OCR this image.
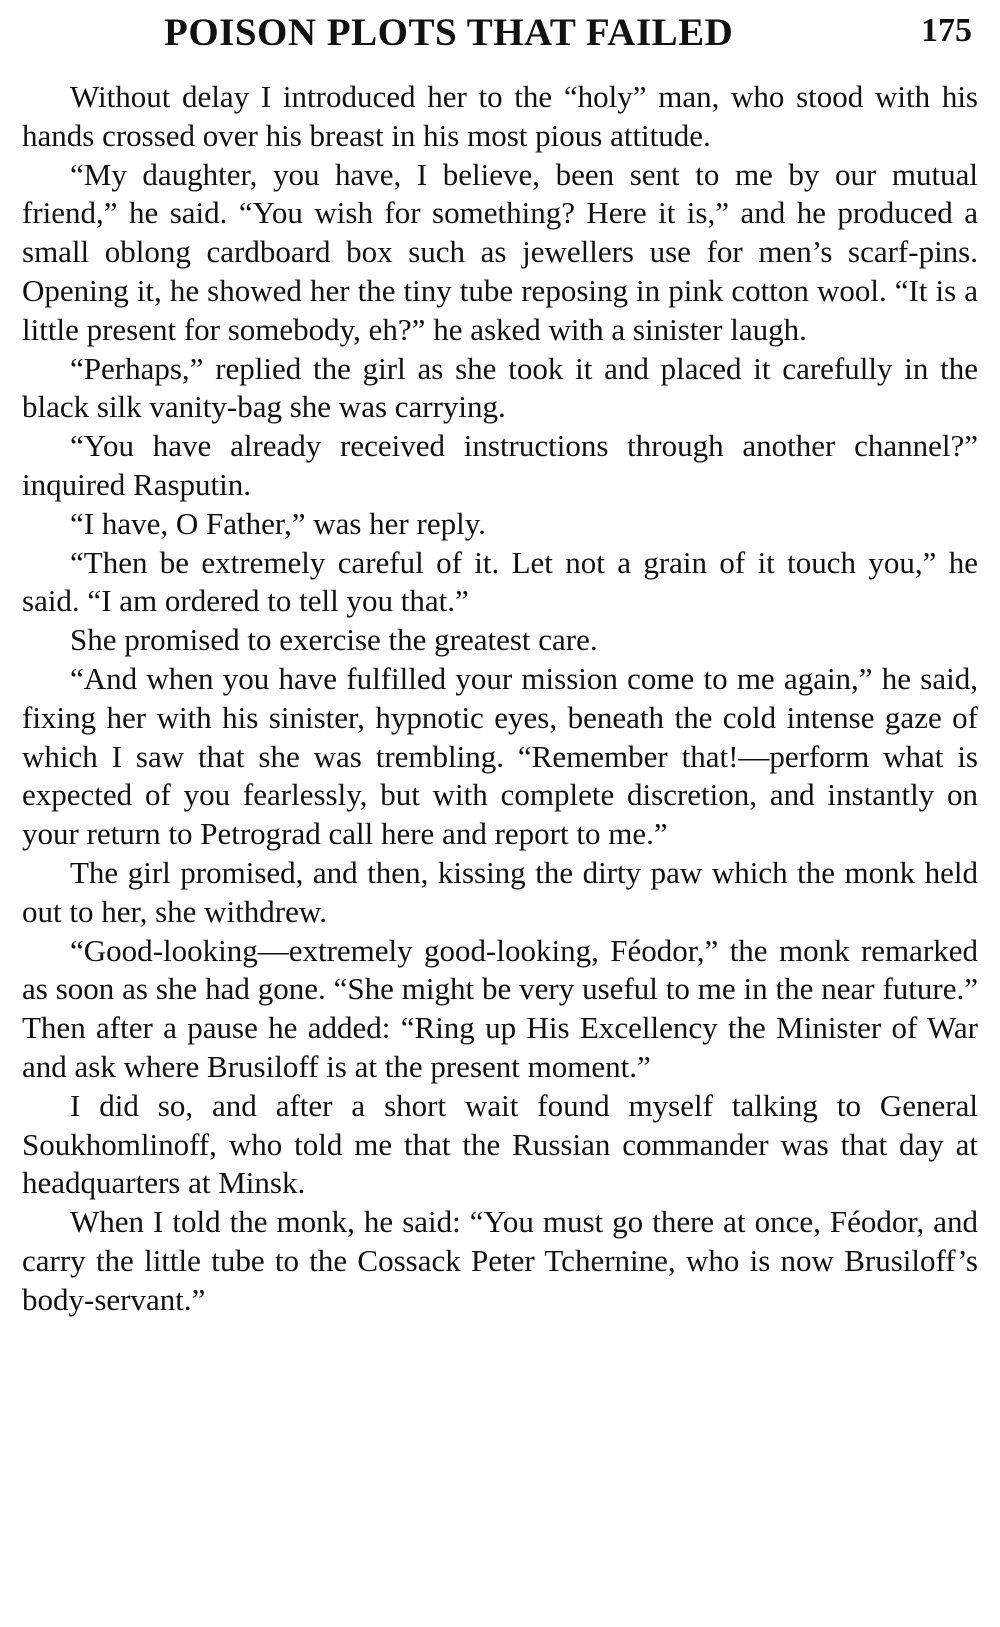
POISON PLOTS THAT FAILED	175

Without delay I introduced her to the “holy” man, who stood with his hands crossed over his breast in his most pious attitude.

“My daughter, you have, I believe, been sent to me by our mutual friend,” he said. “You wish for something? Here it is,” and he produced a small oblong cardboard box such as jewellers use for men’s scarf-pins. Opening it, he showed her the tiny tube reposing in pink cotton wool. “It is a little present for somebody, eh?” he asked with a sinister laugh.

“Perhaps,” replied the girl as she took it and placed it carefully in the black silk vanity-bag she was carrying.

“You have already received instructions through another channel?” inquired Rasputin.

“I have, O Father,” was her reply.

“Then be extremely careful of it. Let not a grain of it touch you,” he said. “I am ordered to tell you that.”

She promised to exercise the greatest care.

“And when you have fulfilled your mission come to me again,” he said, fixing her with his sinister, hypnotic eyes, beneath the cold intense gaze of which I saw that she was trembling. “Remember that!—perform what is expected of you fearlessly, but with complete discretion, and instantly on your return to Petrograd call here and report to me.”

The girl promised, and then, kissing the dirty paw which the monk held out to her, she withdrew.

“Good-looking—extremely good-looking, Féodor,” the monk remarked as soon as she had gone. “She might be very useful to me in the near future.” Then after a pause he added: “Ring up His Excellency the Minister of War and ask where Brusiloff is at the present moment.”

I did so, and after a short wait found myself talking to General Soukhomlinoff, who told me that the Russian commander was that day at headquarters at Minsk.

When I told the monk, he said: “You must go there at once, Féodor, and carry the little tube to the Cossack Peter Tchernine, who is now Brusiloff’s body-servant.”
